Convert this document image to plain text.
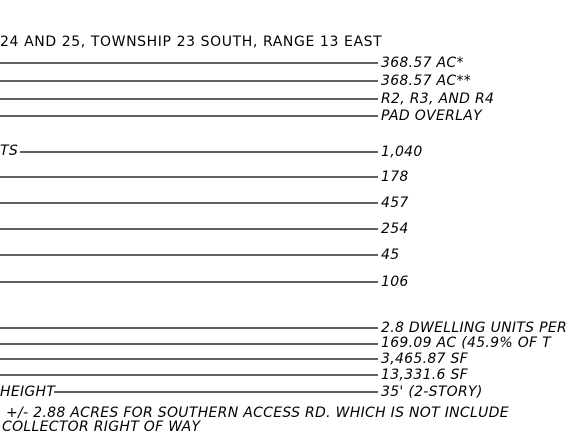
24 AND 25, TOWNSHIP 23 SOUTH, RANGE 13 EAST
TS
HEIGHT
368.57 AC*
368.57 AC**
R2, R3, AND R4
PAD OVERLAY
1,040
178
457
254
45
106
2.8 DWELLING UNITS PER
169.09 AC (45.9% OF T
3,465.87 SF
13,331.6 SF
35' (2-STORY)
+/- 2.88 ACRES FOR SOUTHERN ACCESS RD. WHICH IS NOT INCLUDE
COLLECTOR RIGHT OF WAY
